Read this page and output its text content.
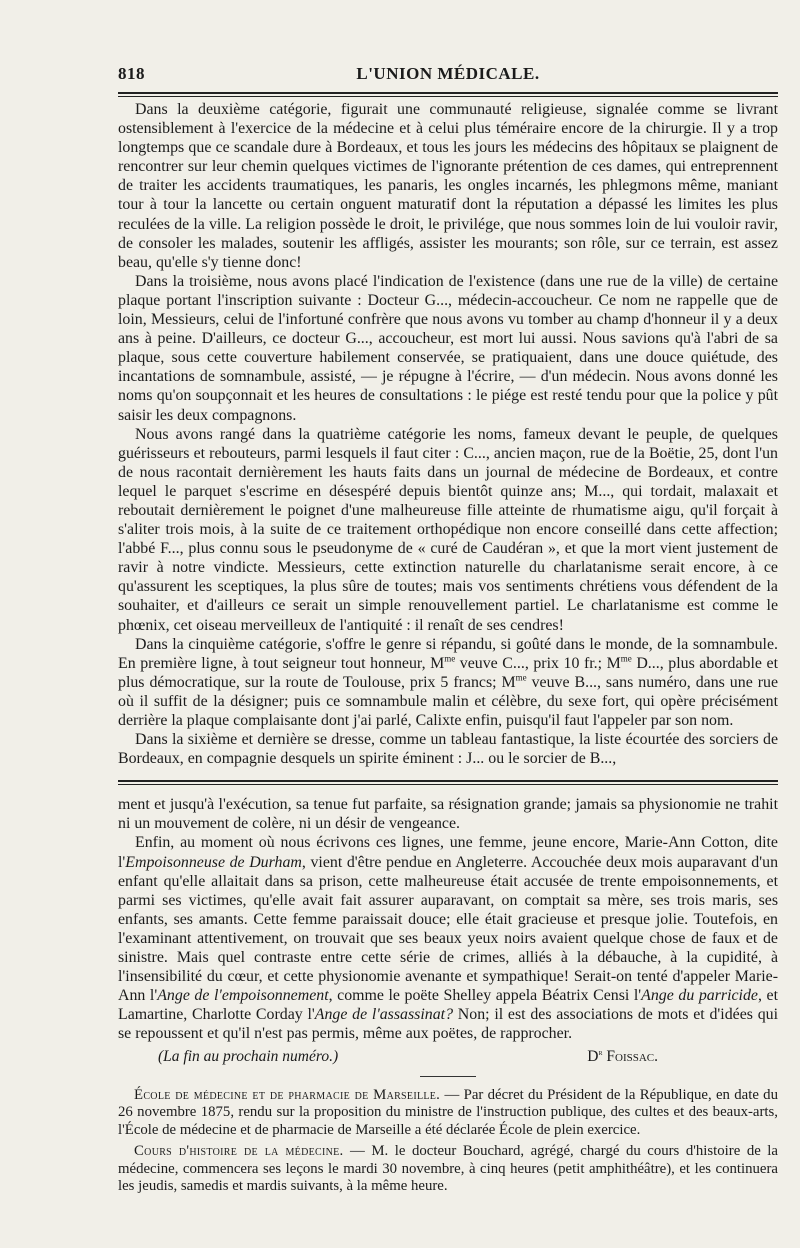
818	L'UNION MÉDICALE.

Dans la deuxième catégorie, figurait une communauté religieuse, signalée comme se livrant ostensiblement à l'exercice de la médecine et à celui plus téméraire encore de la chirurgie. Il y a trop longtemps que ce scandale dure à Bordeaux, et tous les jours les médecins des hôpitaux se plaignent de rencontrer sur leur chemin quelques victimes de l'ignorante prétention de ces dames, qui entreprennent de traiter les accidents traumatiques, les panaris, les ongles incarnés, les phlegmons même, maniant tour à tour la lancette ou certain onguent maturatif dont la réputation a dépassé les limites les plus reculées de la ville. La religion possède le droit, le privilége, que nous sommes loin de lui vouloir ravir, de consoler les malades, soutenir les affligés, assister les mourants; son rôle, sur ce terrain, est assez beau, qu'elle s'y tienne donc!

Dans la troisième, nous avons placé l'indication de l'existence (dans une rue de la ville) de certaine plaque portant l'inscription suivante : Docteur G..., médecin-accoucheur. Ce nom ne rappelle que de loin, Messieurs, celui de l'infortuné confrère que nous avons vu tomber au champ d'honneur il y a deux ans à peine. D'ailleurs, ce docteur G..., accoucheur, est mort lui aussi. Nous savions qu'à l'abri de sa plaque, sous cette couverture habilement conservée, se pratiquaient, dans une douce quiétude, des incantations de somnambule, assisté, — je répugne à l'écrire, — d'un médecin. Nous avons donné les noms qu'on soupçonnait et les heures de consultations : le piége est resté tendu pour que la police y pût saisir les deux compagnons.

Nous avons rangé dans la quatrième catégorie les noms, fameux devant le peuple, de quelques guérisseurs et rebouteurs, parmi lesquels il faut citer : C..., ancien maçon, rue de la Boëtie, 25, dont l'un de nous racontait dernièrement les hauts faits dans un journal de médecine de Bordeaux, et contre lequel le parquet s'escrime en désespéré depuis bientôt quinze ans; M..., qui tordait, malaxait et reboutait dernièrement le poignet d'une malheureuse fille atteinte de rhumatisme aigu, qu'il forçait à s'aliter trois mois, à la suite de ce traitement orthopédique non encore conseillé dans cette affection; l'abbé F..., plus connu sous le pseudonyme de « curé de Caudéran », et que la mort vient justement de ravir à notre vindicte. Messieurs, cette extinction naturelle du charlatanisme serait encore, à ce qu'assurent les sceptiques, la plus sûre de toutes; mais vos sentiments chrétiens vous défendent de la souhaiter, et d'ailleurs ce serait un simple renouvellement partiel. Le charlatanisme est comme le phœnix, cet oiseau merveilleux de l'antiquité : il renaît de ses cendres!

Dans la cinquième catégorie, s'offre le genre si répandu, si goûté dans le monde, de la somnambule. En première ligne, à tout seigneur tout honneur, $M^{me}$ veuve C..., prix 10 fr.; $M^{me}$ D..., plus abordable et plus démocratique, sur la route de Toulouse, prix 5 francs; $M^{me}$ veuve B..., sans numéro, dans une rue où il suffit de la désigner; puis ce somnambule malin et célèbre, du sexe fort, qui opère précisément derrière la plaque complaisante dont j'ai parlé, Calixte enfin, puisqu'il faut l'appeler par son nom.

Dans la sixième et dernière se dresse, comme un tableau fantastique, la liste écourtée des sorciers de Bordeaux, en compagnie desquels un spirite éminent : J... ou le sorcier de B...,

ment et jusqu'à l'exécution, sa tenue fut parfaite, sa résignation grande; jamais sa physionomie ne trahit ni un mouvement de colère, ni un désir de vengeance.

Enfin, au moment où nous écrivons ces lignes, une femme, jeune encore, Marie-Ann Cotton, dite l'Empoisonneuse de Durham, vient d'être pendue en Angleterre. Accouchée deux mois auparavant d'un enfant qu'elle allaitait dans sa prison, cette malheureuse était accusée de trente empoisonnements, et parmi ses victimes, qu'elle avait fait assurer auparavant, on comptait sa mère, ses trois maris, ses enfants, ses amants. Cette femme paraissait douce; elle était gracieuse et presque jolie. Toutefois, en l'examinant attentivement, on trouvait que ses beaux yeux noirs avaient quelque chose de faux et de sinistre. Mais quel contraste entre cette série de crimes, alliés à la débauche, à la cupidité, à l'insensibilité du cœur, et cette physionomie avenante et sympathique! Serait-on tenté d'appeler Marie-Ann l'Ange de l'empoisonnement, comme le poëte Shelley appela Béatrix Censi l'Ange du parricide, et Lamartine, Charlotte Corday l'Ange de l'assassinat? Non; il est des associations de mots et d'idées qui se repoussent et qu'il n'est pas permis, même aux poëtes, de rapprocher.

(La fin au prochain numéro.)	$D^r$ Foissac.

École de médecine et de pharmacie de Marseille. — Par décret du Président de la République, en date du 26 novembre 1875, rendu sur la proposition du ministre de l'instruction publique, des cultes et des beaux-arts, l'École de médecine et de pharmacie de Marseille a été déclarée École de plein exercice.

Cours d'histoire de la médecine. — M. le docteur Bouchard, agrégé, chargé du cours d'histoire de la médecine, commencera ses leçons le mardi 30 novembre, à cinq heures (petit amphithéâtre), et les continuera les jeudis, samedis et mardis suivants, à la même heure.
